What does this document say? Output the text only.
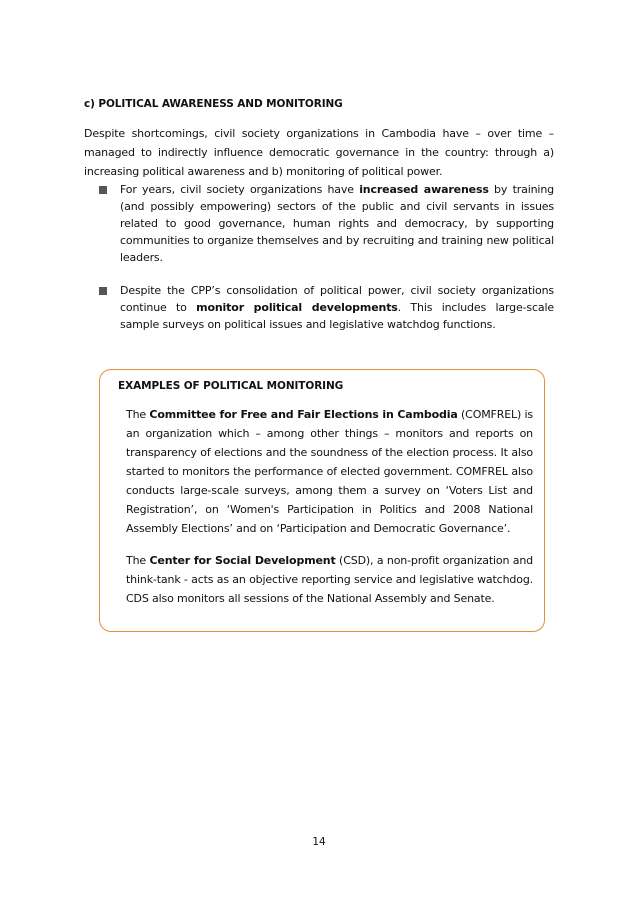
c) POLITICAL AWARENESS AND MONITORING
Despite shortcomings, civil society organizations in Cambodia have – over time – managed to indirectly influence democratic governance in the country: through a) increasing political awareness and b) monitoring of political power.
For years, civil society organizations have increased awareness by training (and possibly empowering) sectors of the public and civil servants in issues related to good governance, human rights and democracy, by supporting communities to organize themselves and by recruiting and training new political leaders.
Despite the CPP’s consolidation of political power, civil society organizations continue to monitor political developments. This includes large-scale sample surveys on political issues and legislative watchdog functions.
EXAMPLES OF POLITICAL MONITORING
The Committee for Free and Fair Elections in Cambodia (COMFREL) is an organization which – among other things – monitors and reports on transparency of elections and the soundness of the election process. It also started to monitors the performance of elected government. COMFREL also conducts large-scale surveys, among them a survey on ‘Voters List and Registration’, on ‘Women's Participation in Politics and 2008 National Assembly Elections’ and on ‘Participation and Democratic Governance’.
The Center for Social Development (CSD), a non-profit organization and think-tank - acts as an objective reporting service and legislative watchdog. CDS also monitors all sessions of the National Assembly and Senate.
14
